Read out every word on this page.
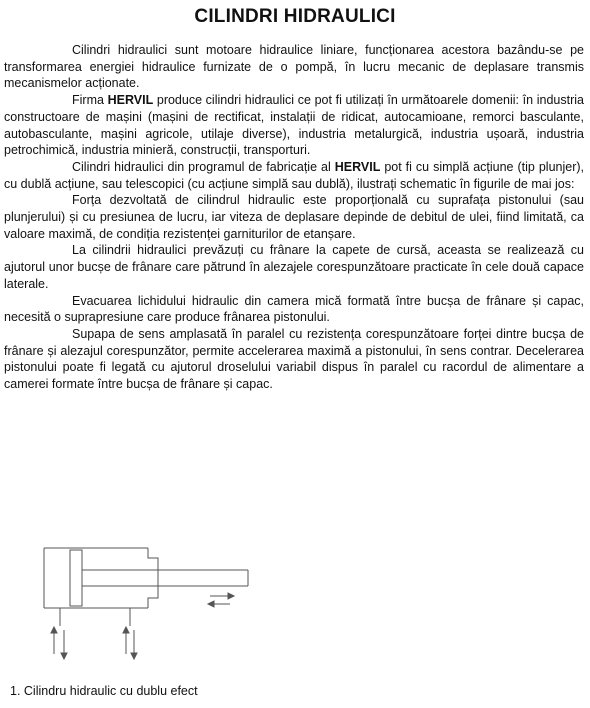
CILINDRI HIDRAULICI

Cilindri hidraulici sunt motoare hidraulice liniare, funcționarea acestora bazându-se pe transformarea energiei hidraulice furnizate de o pompă, în lucru mecanic de deplasare transmis mecanismelor acționate.

Firma HERVIL produce cilindri hidraulici ce pot fi utilizați în următoarele domenii: în industria constructoare de mașini (mașini de rectificat, instalații de ridicat, autocamioane, remorci basculante, autobasculante, mașini agricole, utilaje diverse), industria metalurgică, industria ușoară, industria petrochimică, industria minieră, construcții, transporturi.

Cilindri hidraulici din programul de fabricație al HERVIL pot fi cu simplă acțiune (tip plunjer), cu dublă acțiune, sau telescopici (cu acțiune simplă sau dublă), ilustrați schematic în figurile de mai jos:

Forța dezvoltată de cilindrul hidraulic este proporțională cu suprafața pistonului (sau plunjerului) și cu presiunea de lucru, iar viteza de deplasare depinde de debitul de ulei, fiind limitată, ca valoare maximă, de condiția rezistenței garniturilor de etanșare.

La cilindrii hidraulici prevăzuți cu frânare la capete de cursă, aceasta se realizează cu ajutorul unor bucșe de frânare care pătrund în alezajele corespunzătoare practicate în cele două capace laterale.

Evacuarea lichidului hidraulic din camera mică formată între bucșa de frânare și capac, necesită o suprapresiune care produce frânarea pistonului.

Supapa de sens amplasată în paralel cu rezistența corespunzătoare forței dintre bucșa de frânare și alezajul corespunzător, permite accelerarea maximă a pistonului, în sens contrar. Decelerarea pistonului poate fi legată cu ajutorul droselului variabil dispus în paralel cu racordul de alimentare a camerei formate între bucșa de frânare și capac.

1. Cilindru hidraulic cu dublu efect
